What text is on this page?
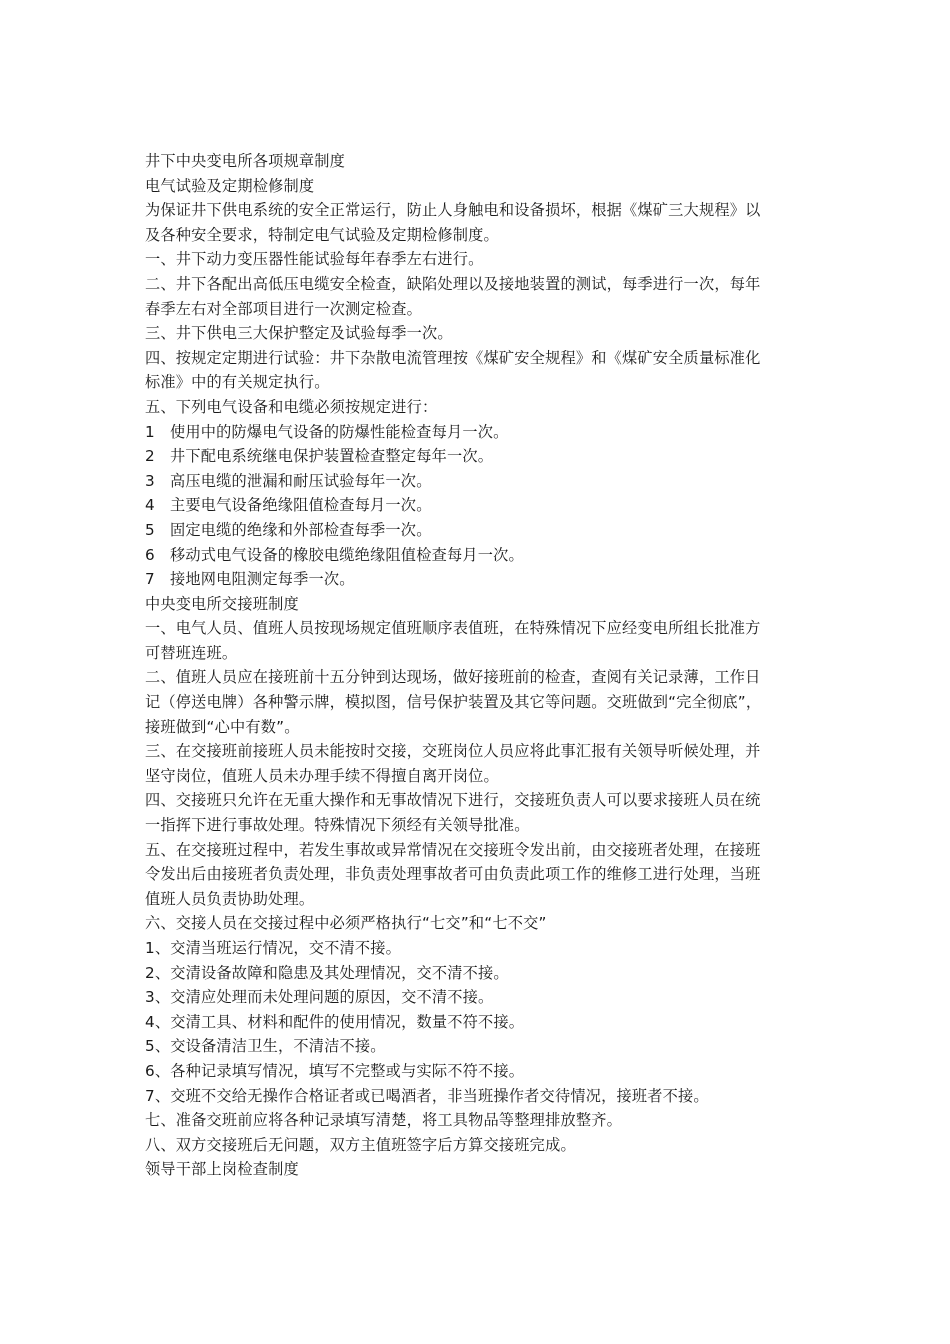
井下中央变电所各项规章制度
电气试验及定期检修制度
为保证井下供电系统的安全正常运行，防止人身触电和设备损坏，根据《煤矿三大规程》以
及各种安全要求，特制定电气试验及定期检修制度。
一、井下动力变压器性能试验每年春季左右进行。
二、井下各配出高低压电缆安全检查，缺陷处理以及接地装置的测试，每季进行一次，每年
春季左右对全部项目进行一次测定检查。
三、井下供电三大保护整定及试验每季一次。
四、按规定定期进行试验：井下杂散电流管理按《煤矿安全规程》和《煤矿安全质量标准化
标准》中的有关规定执行。
五、下列电气设备和电缆必须按规定进行：
1 使用中的防爆电气设备的防爆性能检查每月一次。
2 井下配电系统继电保护装置检查整定每年一次。
3 高压电缆的泄漏和耐压试验每年一次。
4 主要电气设备绝缘阻值检查每月一次。
5 固定电缆的绝缘和外部检查每季一次。
6 移动式电气设备的橡胶电缆绝缘阻值检查每月一次。
7 接地网电阻测定每季一次。
中央变电所交接班制度
一、电气人员、值班人员按现场规定值班顺序表值班，在特殊情况下应经变电所组长批准方
可替班连班。
二、值班人员应在接班前十五分钟到达现场，做好接班前的检查，查阅有关记录薄，工作日
记（停送电牌）各种警示牌，模拟图，信号保护装置及其它等问题。交班做到“完全彻底”，
接班做到“心中有数”。
三、在交接班前接班人员未能按时交接，交班岗位人员应将此事汇报有关领导听候处理，并
坚守岗位，值班人员未办理手续不得擅自离开岗位。
四、交接班只允许在无重大操作和无事故情况下进行，交接班负责人可以要求接班人员在统
一指挥下进行事故处理。特殊情况下须经有关领导批准。
五、在交接班过程中，若发生事故或异常情况在交接班令发出前，由交接班者处理，在接班
令发出后由接班者负责处理，非负责处理事故者可由负责此项工作的维修工进行处理，当班
值班人员负责协助处理。
六、交接人员在交接过程中必须严格执行“七交”和“七不交”
1、交清当班运行情况，交不清不接。
2、交清设备故障和隐患及其处理情况，交不清不接。
3、交清应处理而未处理问题的原因，交不清不接。
4、交清工具、材料和配件的使用情况，数量不符不接。
5、交设备清洁卫生，不清洁不接。
6、各种记录填写情况，填写不完整或与实际不符不接。
7、交班不交给无操作合格证者或已喝酒者，非当班操作者交待情况，接班者不接。
七、准备交班前应将各种记录填写清楚，将工具物品等整理排放整齐。
八、双方交接班后无问题，双方主值班签字后方算交接班完成。
领导干部上岗检查制度
